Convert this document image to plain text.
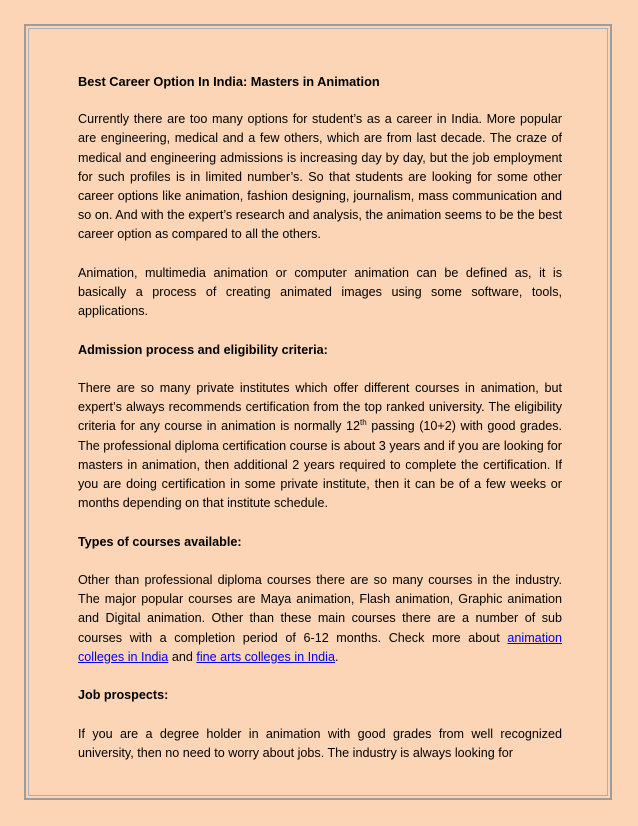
Best Career Option In India: Masters in Animation

Currently there are too many options for student’s as a career in India. More popular are engineering, medical and a few others, which are from last decade. The craze of medical and engineering admissions is increasing day by day, but the job employment for such profiles is in limited number’s. So that students are looking for some other career options like animation, fashion designing, journalism, mass communication and so on. And with the expert’s research and analysis, the animation seems to be the best career option as compared to all the others.

Animation, multimedia animation or computer animation can be defined as, it is basically a process of creating animated images using some software, tools, applications.

Admission process and eligibility criteria:

There are so many private institutes which offer different courses in animation, but expert’s always recommends certification from the top ranked university. The eligibility criteria for any course in animation is normally 12th passing (10+2) with good grades. The professional diploma certification course is about 3 years and if you are looking for masters in animation, then additional 2 years required to complete the certification. If you are doing certification in some private institute, then it can be of a few weeks or months depending on that institute schedule.

Types of courses available:

Other than professional diploma courses there are so many courses in the industry. The major popular courses are Maya animation, Flash animation, Graphic animation and Digital animation. Other than these main courses there are a number of sub courses with a completion period of 6-12 months. Check more about animation colleges in India and fine arts colleges in India.

Job prospects:

If you are a degree holder in animation with good grades from well recognized university, then no need to worry about jobs. The industry is always looking for
